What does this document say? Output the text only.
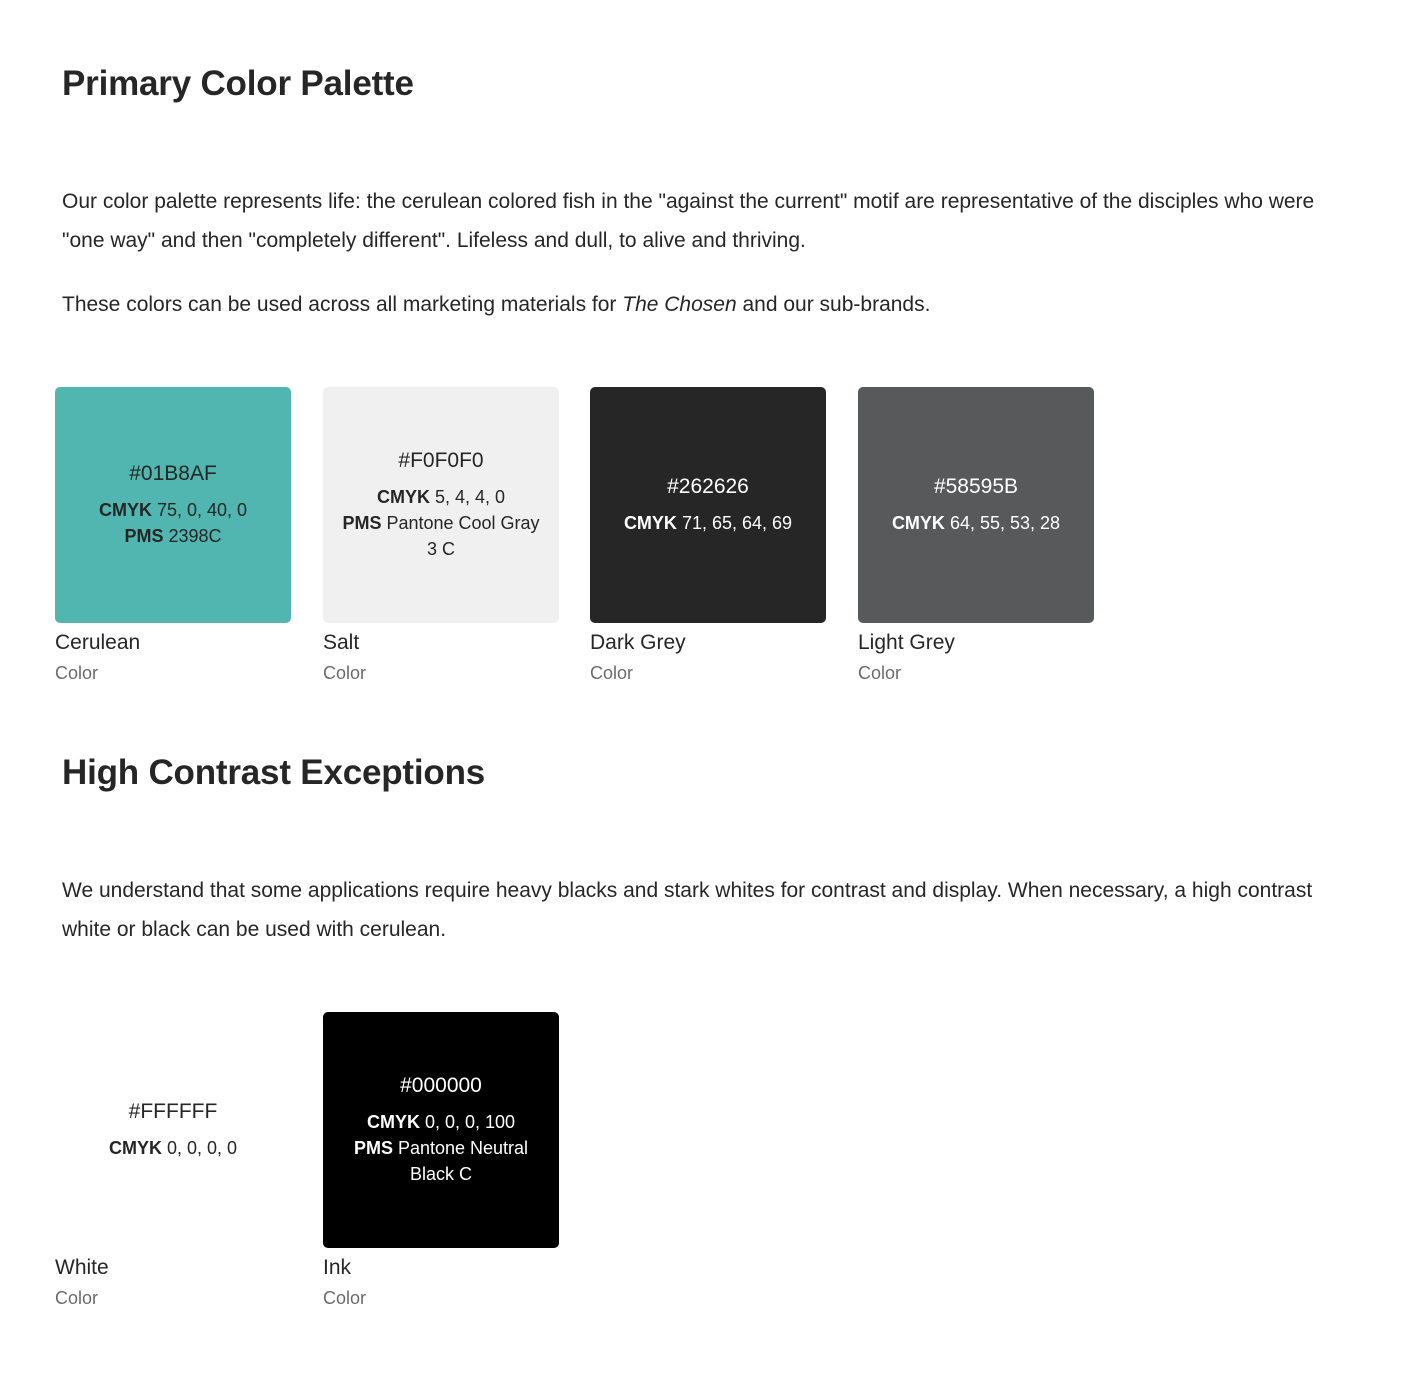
Primary Color Palette

Our color palette represents life: the cerulean colored fish in the "against the current" motif are representative of the disciples who were "one way" and then "completely different". Lifeless and dull, to alive and thriving.

These colors can be used across all marketing materials for The Chosen and our sub-brands.

#01B8AF
CMYK 75, 0, 40, 0
PMS 2398C
Cerulean
Color
#F0F0F0
CMYK 5, 4, 4, 0
PMS Pantone Cool Gray 3 C
Salt
Color
#262626
CMYK 71, 65, 64, 69
Dark Grey
Color
#58595B
CMYK 64, 55, 53, 28
Light Grey
Color
High Contrast Exceptions

We understand that some applications require heavy blacks and stark whites for contrast and display. When necessary, a high contrast white or black can be used with cerulean.

#FFFFFF
CMYK 0, 0, 0, 0
White
Color
#000000
CMYK 0, 0, 0, 100
PMS Pantone Neutral Black C
Ink
Color
